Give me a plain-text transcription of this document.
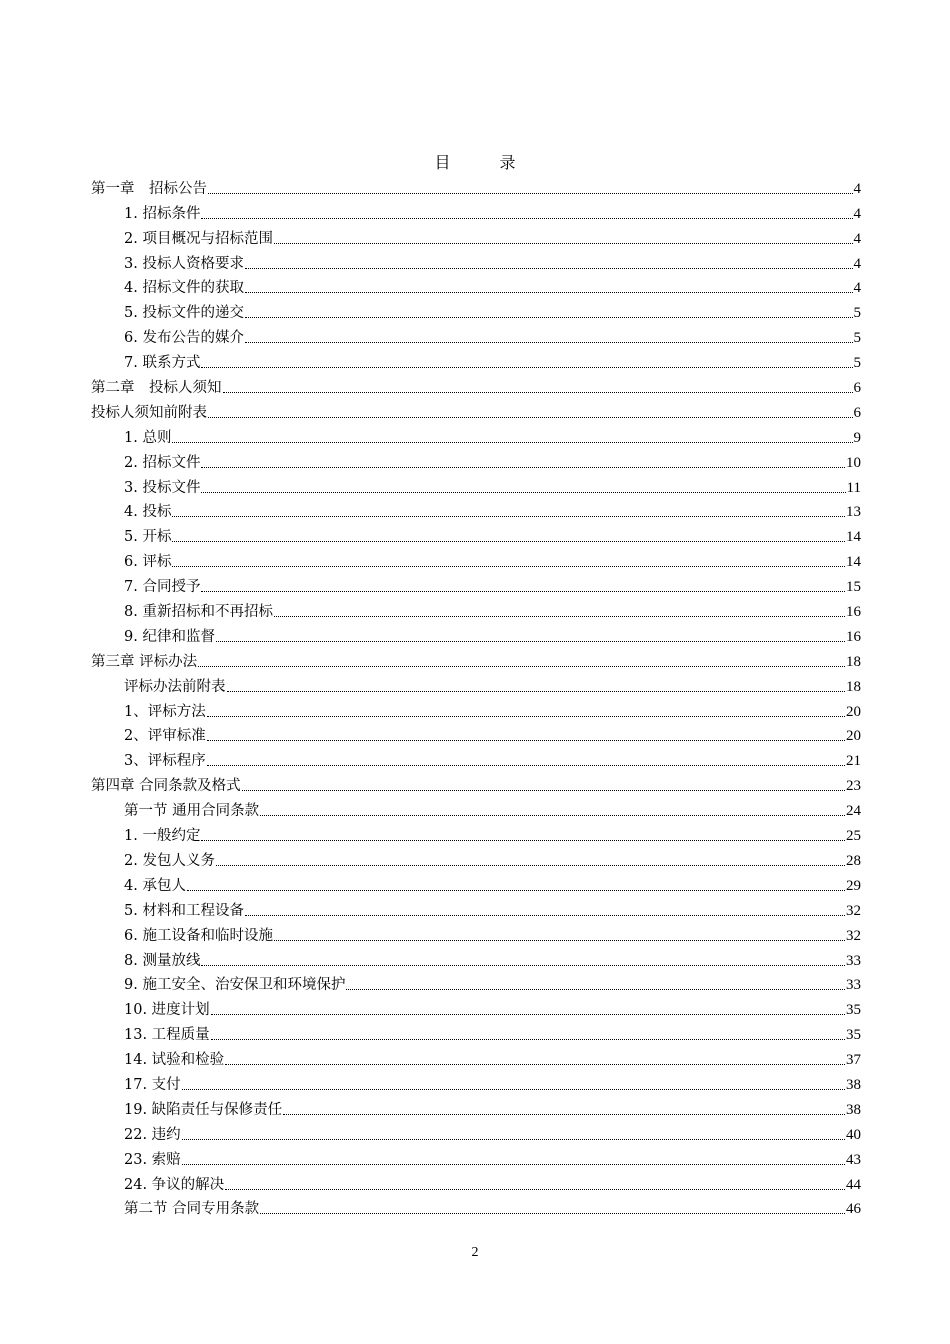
目 录
第一章　招标公告	4
1. 招标条件	4
2. 项目概况与招标范围	4
3. 投标人资格要求	4
4. 招标文件的获取	4
5. 投标文件的递交	5
6. 发布公告的媒介	5
7. 联系方式	5
第二章　投标人须知	6
投标人须知前附表	6
1. 总则	9
2. 招标文件	10
3. 投标文件	11
4. 投标	13
5. 开标	14
6. 评标	14
7. 合同授予	15
8. 重新招标和不再招标	16
9. 纪律和监督	16
第三章 评标办法	18
评标办法前附表	18
1、评标方法	20
2、评审标准	20
3、评标程序	21
第四章 合同条款及格式	23
第一节 通用合同条款	24
1. 一般约定	25
2. 发包人义务	28
4. 承包人	29
5. 材料和工程设备	32
6. 施工设备和临时设施	32
8. 测量放线	33
9. 施工安全、治安保卫和环境保护	33
10. 进度计划	35
13. 工程质量	35
14. 试验和检验	37
17. 支付	38
19. 缺陷责任与保修责任	38
22. 违约	40
23. 索赔	43
24. 争议的解决	44
第二节 合同专用条款	46
2
